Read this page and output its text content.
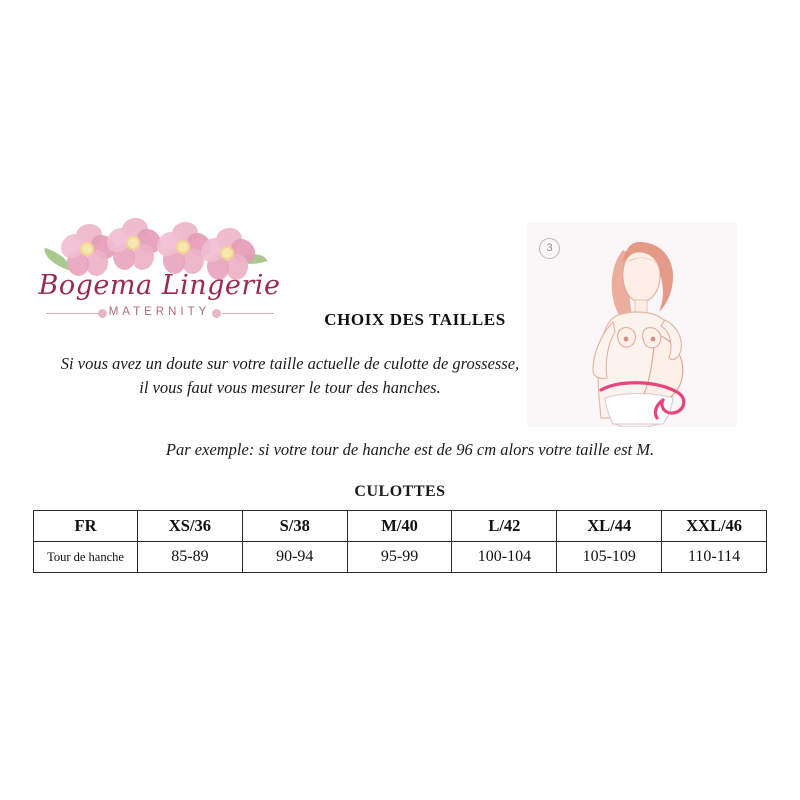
Bogema Lingerie
MATERNITY	CHOIX DES TAILLES
Si vous avez un doute sur votre taille actuelle de culotte de grossesse, il vous faut vous mesurer le tour des hanches.
Par exemple: si votre tour de hanche est de 96 cm alors votre taille est M.
3
CULOTTES
FR	XS/36	S/38	M/40	L/42	XL/44	XXL/46
Tour de hanche	85-89	90-94	95-99	100-104	105-109	110-114
